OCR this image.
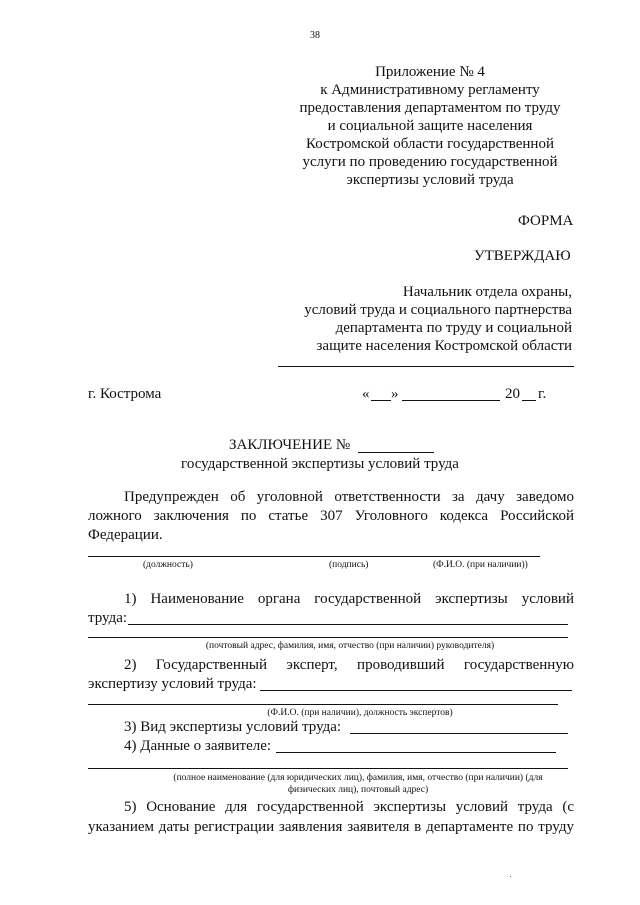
38
Приложение № 4
к Административному регламенту
предоставления департаментом по труду
и социальной защите населения
Костромской области государственной
услуги по проведению государственной
экспертизы условий труда
ФОРМА
УТВЕРЖДАЮ
Начальник отдела охраны,
условий труда и социального партнерства
департамента по труду и социальной
защите населения Костромской области
г. Кострома	« »	20 г.
ЗАКЛЮЧЕНИЕ №
государственной экспертизы условий труда
Предупрежден об уголовной ответственности за дачу заведомо
ложного заключения по статье 307 Уголовного кодекса Российской
Федерации.
(должность)	(подпись)	(Ф.И.О. (при наличии))
1) Наименование органа государственной экспертизы условий
труда:
(почтовый адрес, фамилия, имя, отчество (при наличии) руководителя)
2) Государственный эксперт, проводивший государственную
экспертизу условий труда:
(Ф.И.О. (при наличии), должность экспертов)
3) Вид экспертизы условий труда:
4) Данные о заявителе:
(полное наименование (для юридических лиц), фамилия, имя, отчество (при наличии) (для
физических лиц), почтовый адрес)
5) Основание для государственной экспертизы условий труда (с
указанием даты регистрации заявления заявителя в департаменте по труду
